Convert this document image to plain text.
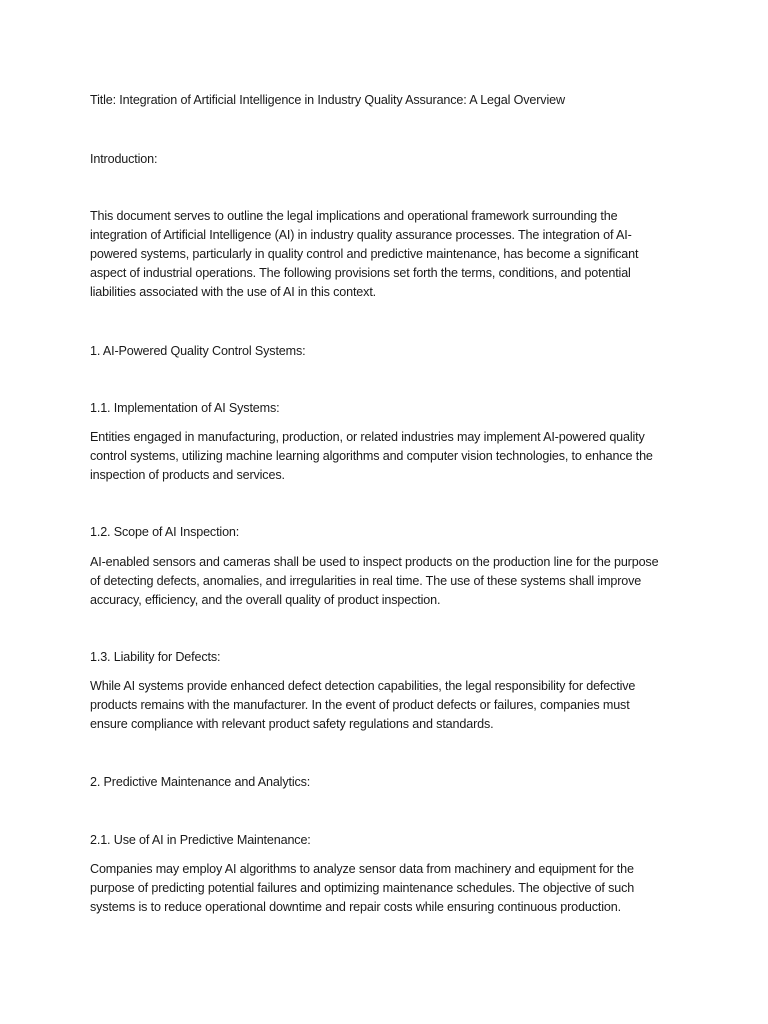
Title: Integration of Artificial Intelligence in Industry Quality Assurance: A Legal Overview

Introduction:

This document serves to outline the legal implications and operational framework surrounding the
integration of Artificial Intelligence (AI) in industry quality assurance processes. The integration of AI-
powered systems, particularly in quality control and predictive maintenance, has become a significant
aspect of industrial operations. The following provisions set forth the terms, conditions, and potential
liabilities associated with the use of AI in this context.

1. AI-Powered Quality Control Systems:

1.1. Implementation of AI Systems:

Entities engaged in manufacturing, production, or related industries may implement AI-powered quality
control systems, utilizing machine learning algorithms and computer vision technologies, to enhance the
inspection of products and services.

1.2. Scope of AI Inspection:

AI-enabled sensors and cameras shall be used to inspect products on the production line for the purpose
of detecting defects, anomalies, and irregularities in real time. The use of these systems shall improve
accuracy, efficiency, and the overall quality of product inspection.

1.3. Liability for Defects:

While AI systems provide enhanced defect detection capabilities, the legal responsibility for defective
products remains with the manufacturer. In the event of product defects or failures, companies must
ensure compliance with relevant product safety regulations and standards.

2. Predictive Maintenance and Analytics:

2.1. Use of AI in Predictive Maintenance:

Companies may employ AI algorithms to analyze sensor data from machinery and equipment for the
purpose of predicting potential failures and optimizing maintenance schedules. The objective of such
systems is to reduce operational downtime and repair costs while ensuring continuous production.
